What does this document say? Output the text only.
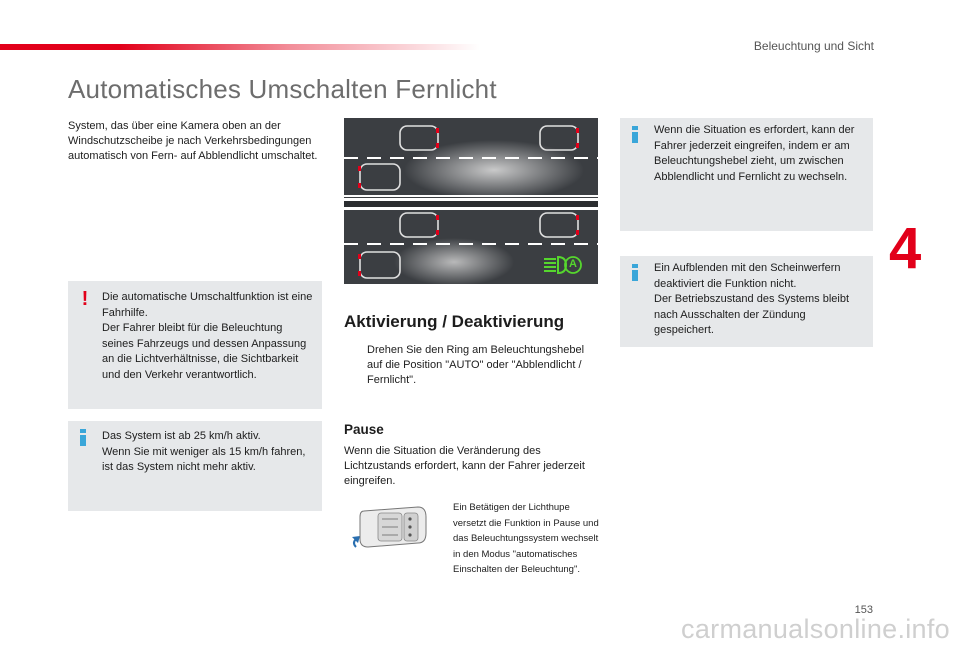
Beleuchtung und Sicht
Automatisches Umschalten Fernlicht
4
System, das über eine Kamera oben an der Windschutzscheibe je nach Verkehrsbedingungen automatisch von Fern- auf Abblendlicht umschaltet.
! Die automatische Umschaltfunktion ist eine Fahrhilfe.

Der Fahrer bleibt für die Beleuchtung seines Fahrzeugs und dessen Anpassung an die Lichtverhältnisse, die Sichtbarkeit und den Verkehr verantwortlich.

Das System ist ab 25 km/h aktiv.

Wenn Sie mit weniger als 15 km/h fahren, ist das System nicht mehr aktiv.

A
Aktivierung / Deaktivierung
Drehen Sie den Ring am Beleuchtungshebel auf die Position "AUTO" oder "Abblendlicht / Fernlicht".
Pause
Wenn die Situation die Veränderung des Lichtzustands erfordert, kann der Fahrer jederzeit eingreifen.
Ein Betätigen der Lichthupe versetzt die Funktion in Pause und das Beleuchtungssystem wechselt in den Modus "automatisches Einschalten der Beleuchtung".
Wenn die Situation es erfordert, kann der Fahrer jederzeit eingreifen, indem er am Beleuchtungshebel zieht, um zwischen Abblendlicht und Fernlicht zu wechseln.

Ein Aufblenden mit den Scheinwerfern deaktiviert die Funktion nicht.

Der Betriebszustand des Systems bleibt nach Ausschalten der Zündung gespeichert.

153
carmanualsonline.info
